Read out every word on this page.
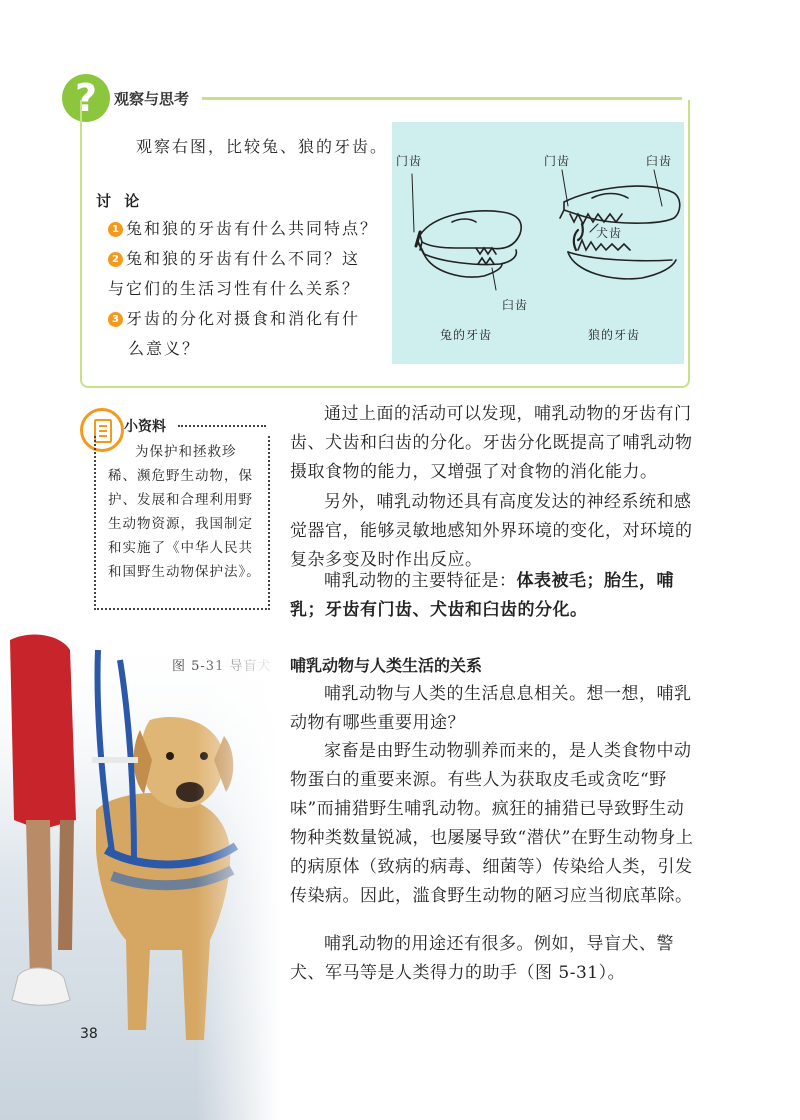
?	观察与思考
观察右图，比较兔、狼的牙齿。
讨 论
1 兔和狼的牙齿有什么共同特点？
2 兔和狼的牙齿有什么不同？这
与它们的生活习性有什么关系？
3 牙齿的分化对摄食和消化有什
么意义？
门齿
臼齿
兔的牙齿
门齿	臼齿
犬齿
狼的牙齿
小资料
为保护和拯救珍稀、濒危野生动物，保护、发展和合理利用野生动物资源，我国制定和实施了《中华人民共和国野生动物保护法》。
通过上面的活动可以发现，哺乳动物的牙齿有门齿、犬齿和臼齿的分化。牙齿分化既提高了哺乳动物摄取食物的能力，又增强了对食物的消化能力。
另外，哺乳动物还具有高度发达的神经系统和感觉器官，能够灵敏地感知外界环境的变化，对环境的复杂多变及时作出反应。
哺乳动物的主要特征是：体表被毛；胎生，哺乳；牙齿有门齿、犬齿和臼齿的分化。
哺乳动物与人类生活的关系
哺乳动物与人类的生活息息相关。想一想，哺乳动物有哪些重要用途？
家畜是由野生动物驯养而来的，是人类食物中动物蛋白的重要来源。有些人为获取皮毛或贪吃“野味”而捕猎野生哺乳动物。疯狂的捕猎已导致野生动物种类数量锐减，也屡屡导致“潜伏”在野生动物身上的病原体（致病的病毒、细菌等）传染给人类，引发传染病。因此，滥食野生动物的陋习应当彻底革除。
哺乳动物的用途还有很多。例如，导盲犬、警犬、军马等是人类得力的助手（图 5-31）。
38
